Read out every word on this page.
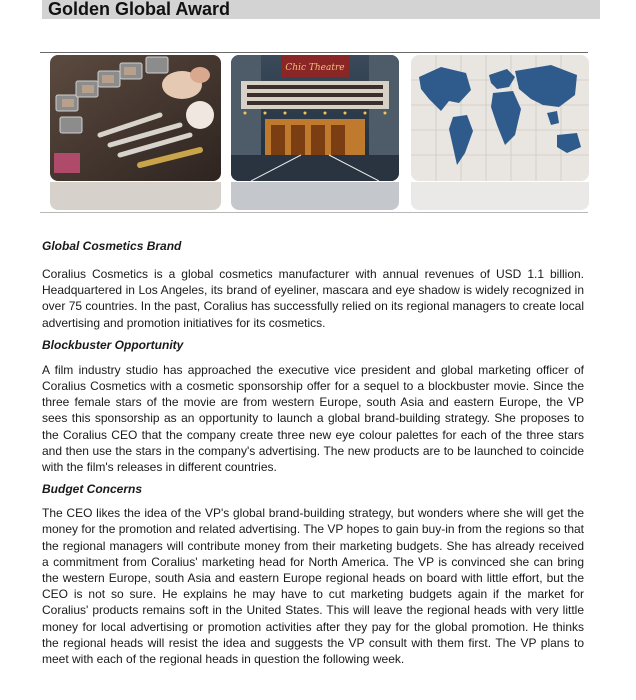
Golden Global Award
Chic Theatre
Global Cosmetics Brand

Coralius Cosmetics is a global cosmetics manufacturer with annual revenues of USD 1.1 billion. Headquartered in Los Angeles, its brand of eyeliner, mascara and eye shadow is widely recognized in over 75 countries. In the past, Coralius has successfully relied on its regional managers to create local advertising and promotion initiatives for its cosmetics.

Blockbuster Opportunity

A film industry studio has approached the executive vice president and global marketing officer of Coralius Cosmetics with a cosmetic sponsorship offer for a sequel to a blockbuster movie. Since the three female stars of the movie are from western Europe, south Asia and eastern Europe, the VP sees this sponsorship as an opportunity to launch a global brand-building strategy. She proposes to the Coralius CEO that the company create three new eye colour palettes for each of the three stars and then use the stars in the company's advertising. The new products are to be launched to coincide with the film's releases in different countries.

Budget Concerns

The CEO likes the idea of the VP's global brand-building strategy, but wonders where she will get the money for the promotion and related advertising. The VP hopes to gain buy-in from the regions so that the regional managers will contribute money from their marketing budgets. She has already received a commitment from Coralius' marketing head for North America. The VP is convinced she can bring the western Europe, south Asia and eastern Europe regional heads on board with little effort, but the CEO is not so sure. He explains he may have to cut marketing budgets again if the market for Coralius' products remains soft in the United States. This will leave the regional heads with very little money for local advertising or promotion activities after they pay for the global promotion. He thinks the regional heads will resist the idea and suggests the VP consult with them first. The VP plans to meet with each of the regional heads in question the following week.
